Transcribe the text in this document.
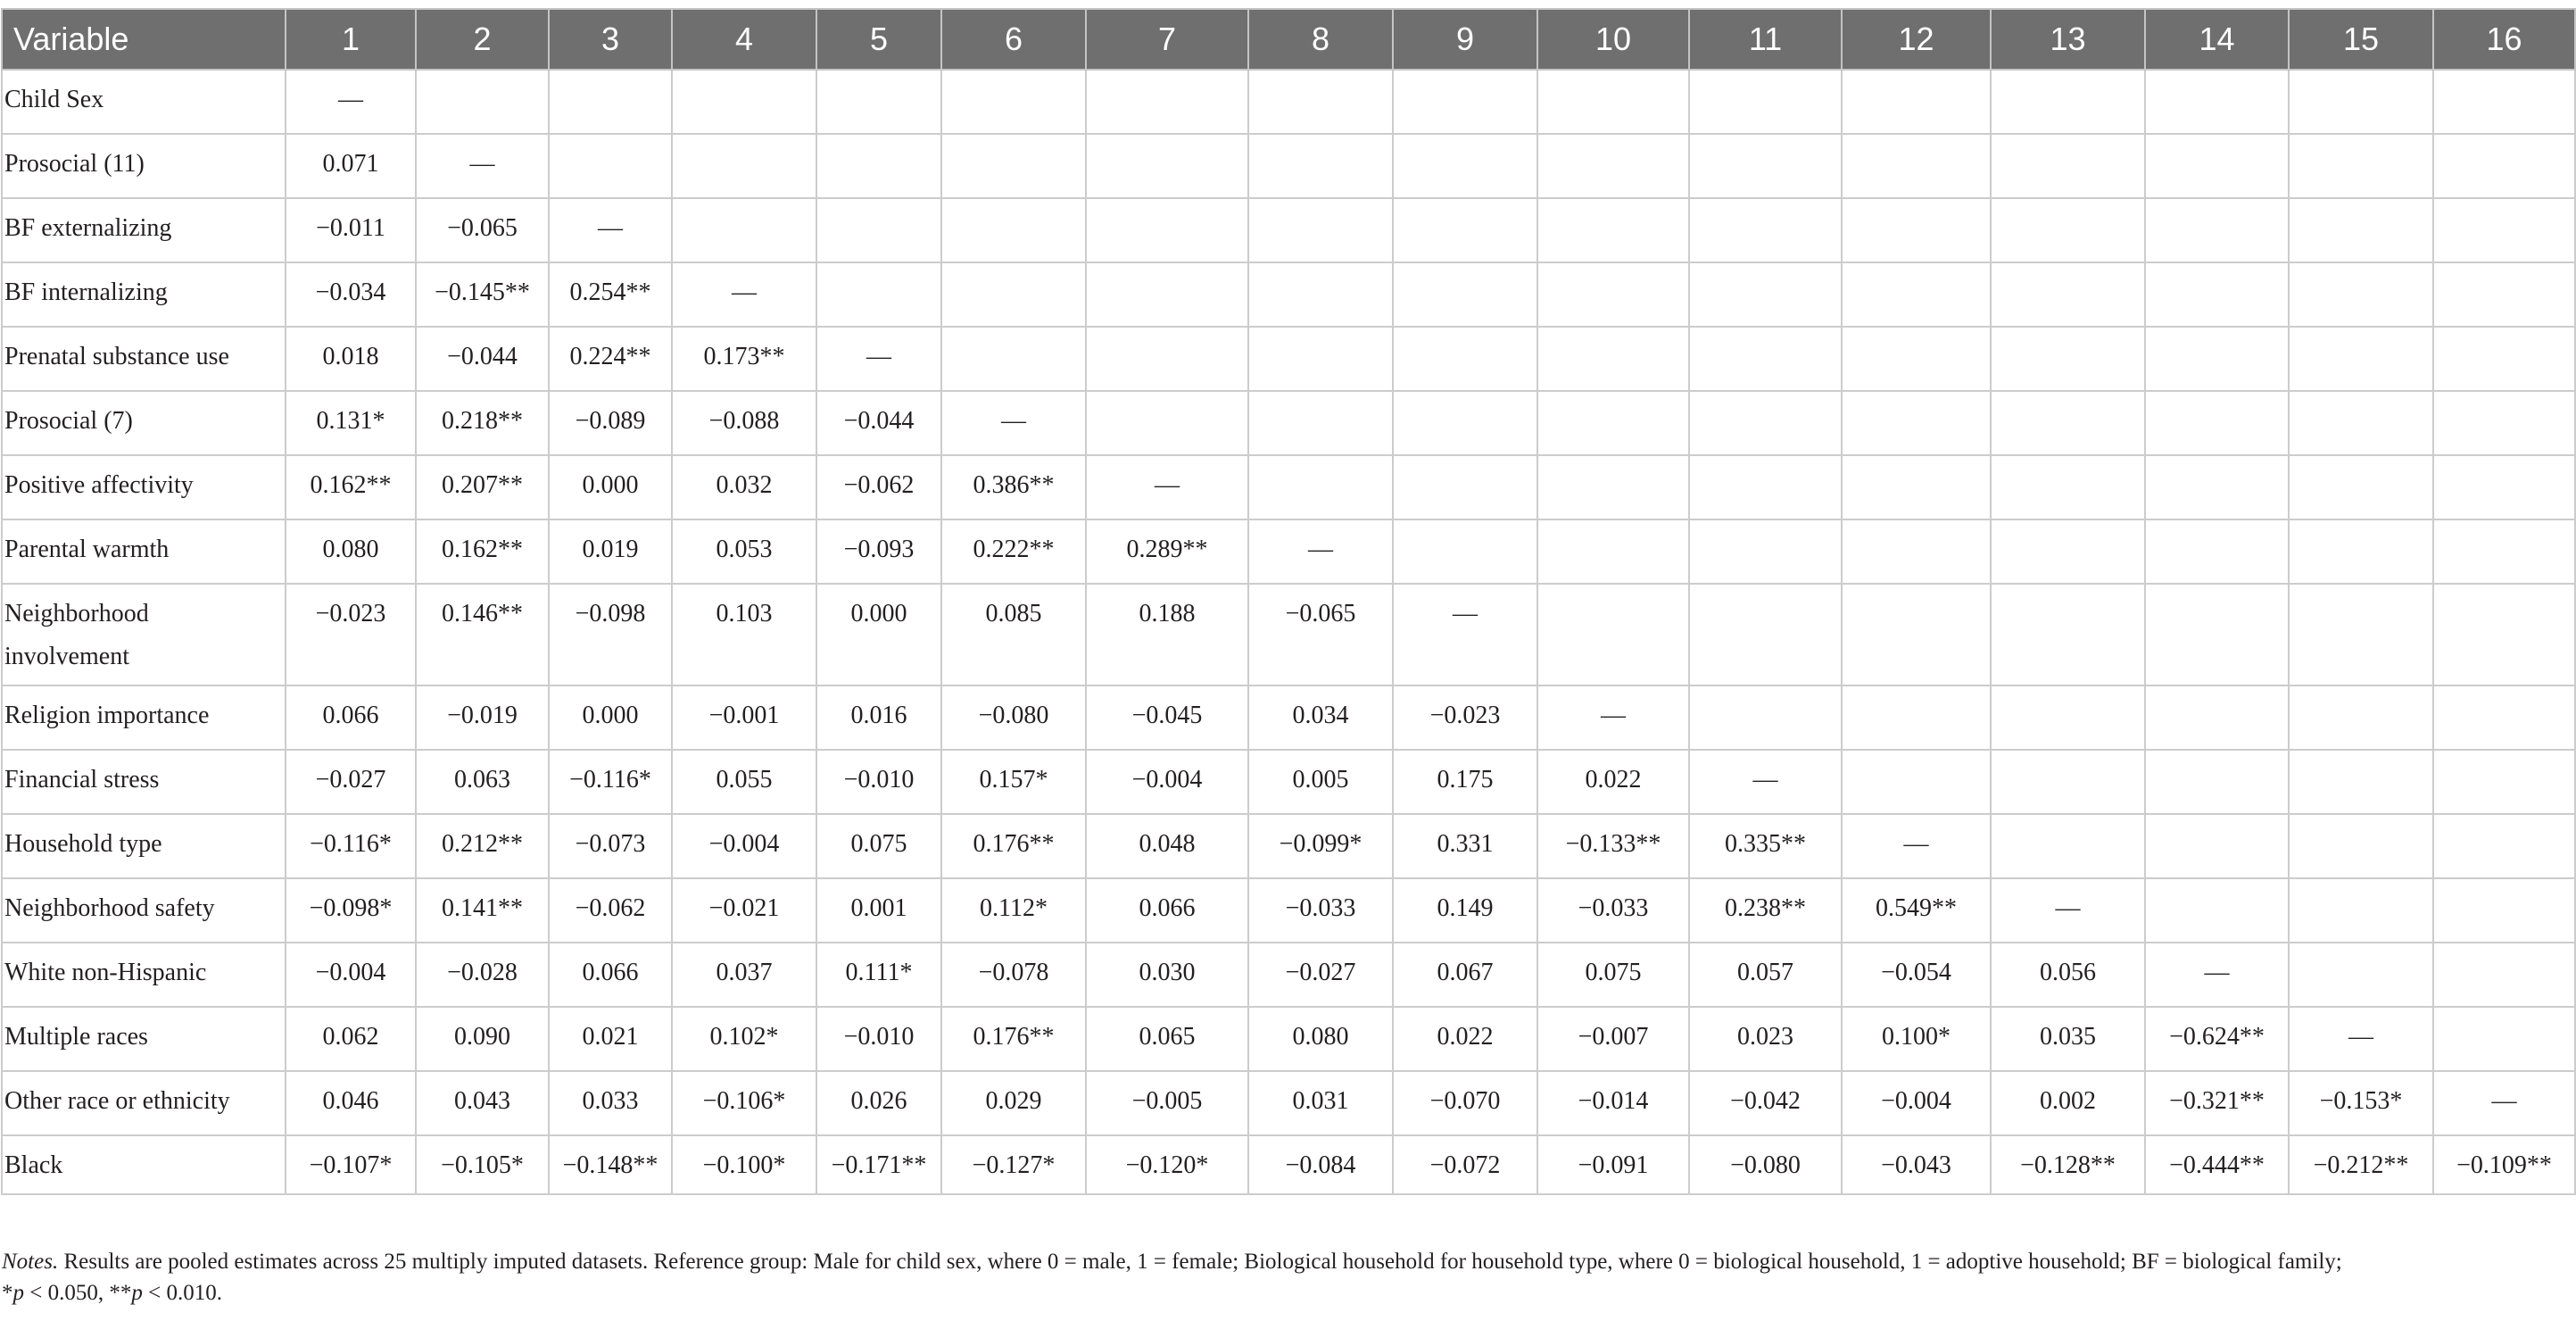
Variable	1	2	3	4	5	6	7	8	9	10	11	12	13	14	15	16
Child Sex	—															
Prosocial (11)	0.071	—														
BF externalizing	−0.011	−0.065	—													
BF internalizing	−0.034	−0.145**	0.254**	—												
Prenatal substance use	0.018	−0.044	0.224**	0.173**	—											
Prosocial (7)	0.131*	0.218**	−0.089	−0.088	−0.044	—										
Positive affectivity	0.162**	0.207**	0.000	0.032	−0.062	0.386**	—									
Parental warmth	0.080	0.162**	0.019	0.053	−0.093	0.222**	0.289**	—								
Neighborhood involvement	−0.023	0.146**	−0.098	0.103	0.000	0.085	0.188	−0.065	—							
Religion importance	0.066	−0.019	0.000	−0.001	0.016	−0.080	−0.045	0.034	−0.023	—						
Financial stress	−0.027	0.063	−0.116*	0.055	−0.010	0.157*	−0.004	0.005	0.175	0.022	—					
Household type	−0.116*	0.212**	−0.073	−0.004	0.075	0.176**	0.048	−0.099*	0.331	−0.133**	0.335**	—				
Neighborhood safety	−0.098*	0.141**	−0.062	−0.021	0.001	0.112*	0.066	−0.033	0.149	−0.033	0.238**	0.549**	—			
White non-Hispanic	−0.004	−0.028	0.066	0.037	0.111*	−0.078	0.030	−0.027	0.067	0.075	0.057	−0.054	0.056	—		
Multiple races	0.062	0.090	0.021	0.102*	−0.010	0.176**	0.065	0.080	0.022	−0.007	0.023	0.100*	0.035	−0.624**	—	
Other race or ethnicity	0.046	0.043	0.033	−0.106*	0.026	0.029	−0.005	0.031	−0.070	−0.014	−0.042	−0.004	0.002	−0.321**	−0.153*	—
Black	−0.107*	−0.105*	−0.148**	−0.100*	−0.171**	−0.127*	−0.120*	−0.084	−0.072	−0.091	−0.080	−0.043	−0.128**	−0.444**	−0.212**	−0.109**
Notes. Results are pooled estimates across 25 multiply imputed datasets. Reference group: Male for child sex, where 0 = male, 1 = female; Biological household for household type, where 0 = biological household, 1 = adoptive household; BF = biological family;
*p < 0.050, **p < 0.010.
